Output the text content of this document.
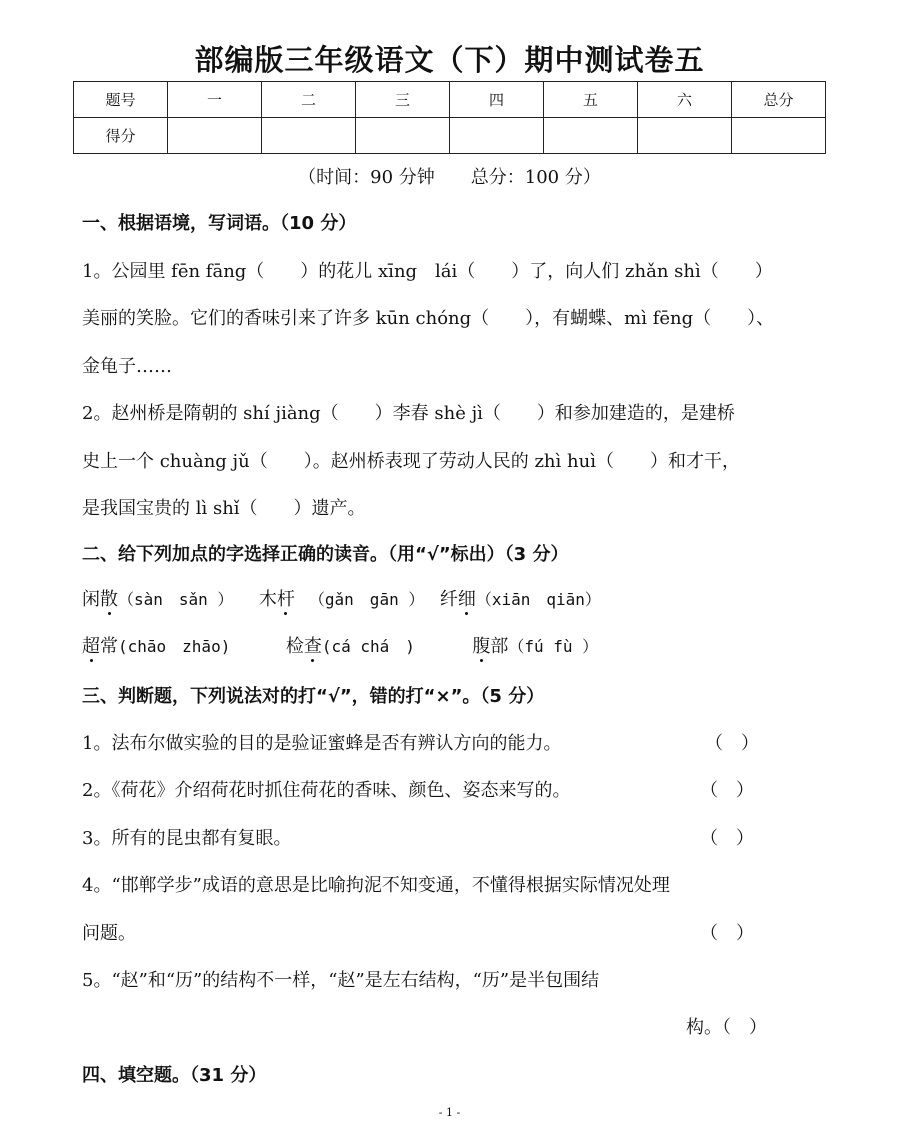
部编版三年级语文（下）期中测试卷五
题号	一	二	三	四	五	六	总分
得分							
（时间：90 分钟　　总分：100 分）
一、根据语境，写词语。（10 分）
1。公园里 fēn fāng（　　）的花儿 xīng　lái（　　）了，向人们 zhǎn shì（　　）
美丽的笑脸。它们的香味引来了许多 kūn chóng（　　），有蝴蝶、mì fēng（　　）、
金龟子……
2。赵州桥是隋朝的 shí jiàng（　　）李春 shè jì（　　）和参加建造的，是建桥
史上一个 chuàng jǔ（　　）。赵州桥表现了劳动人民的 zhì huì（　　）和才干，
是我国宝贵的 lì shǐ（　　）遗产。
二、给下列加点的字选择正确的读音。（用“√”标出）（3 分）
闲散（sàn　sǎn ） 木杆 （gǎn　gān ） 纤细（xiān　qiān）
超常(chāo　zhāo)	检查(cá chá　)	腹部（fú fù ）
三、判断题，下列说法对的打“√”，错的打“×”。（5 分）
1。法布尔做实验的目的是验证蜜蜂是否有辨认方向的能力。	（　）
2。《荷花》介绍荷花时抓住荷花的香味、颜色、姿态来写的。	（　）
3。所有的昆虫都有复眼。	（　）
4。“邯郸学步”成语的意思是比喻拘泥不知变通，不懂得根据实际情况处理
问题。	（　）
5。“赵”和“历”的结构不一样，“赵”是左右结构，“历”是半包围结
构。（　）
四、填空题。（31 分）
- 1 -
